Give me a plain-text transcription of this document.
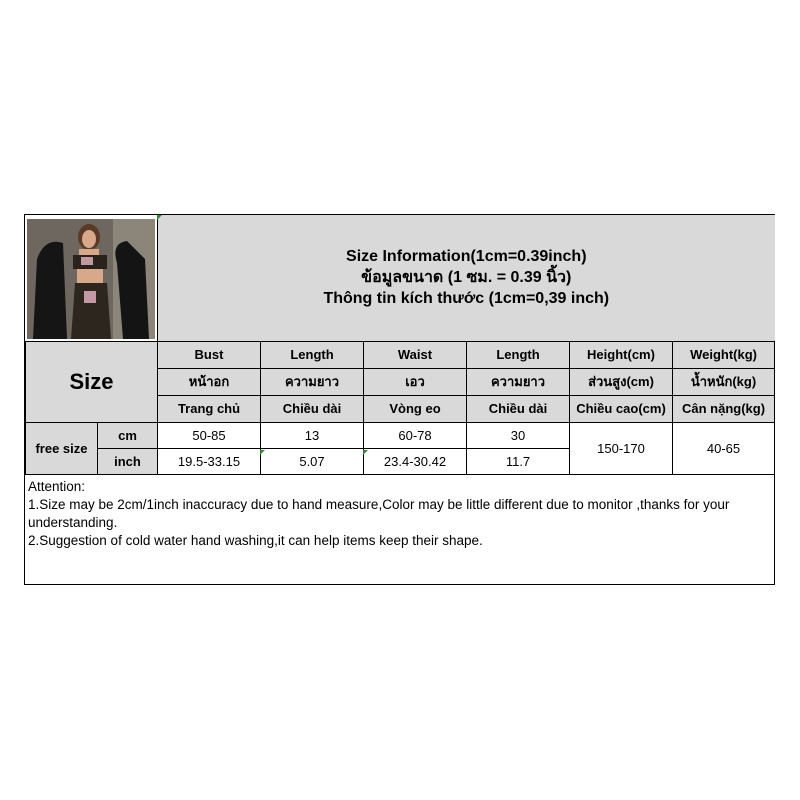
Size Information(1cm=0.39inch)
ข้อมูลขนาด (1 ซม. = 0.39 นิ้ว)
Thông tin kích thước (1cm=0,39 inch)					

Size		Bust	Length	Waist	Length	Height(cm)	Weight(kg)
		หน้าอก	ความยาว	เอว	ความยาว	ส่วนสูง(cm)	น้ำหนัก(kg)
		Trang chủ	Chiều dài	Vòng eo	Chiều dài	Chiều cao(cm)	Cân nặng(kg)
free size	cm	50-85	13	60-78	30	150-170	40-65
	inch	19.5-33.15	5.07	23.4-30.42	11.7		
Attention:
1.Size may be 2cm/1inch inaccuracy due to hand measure,Color may be little different due to monitor ,thanks for your understanding.
2.Suggestion of cold water hand washing,it can help items keep their shape.
